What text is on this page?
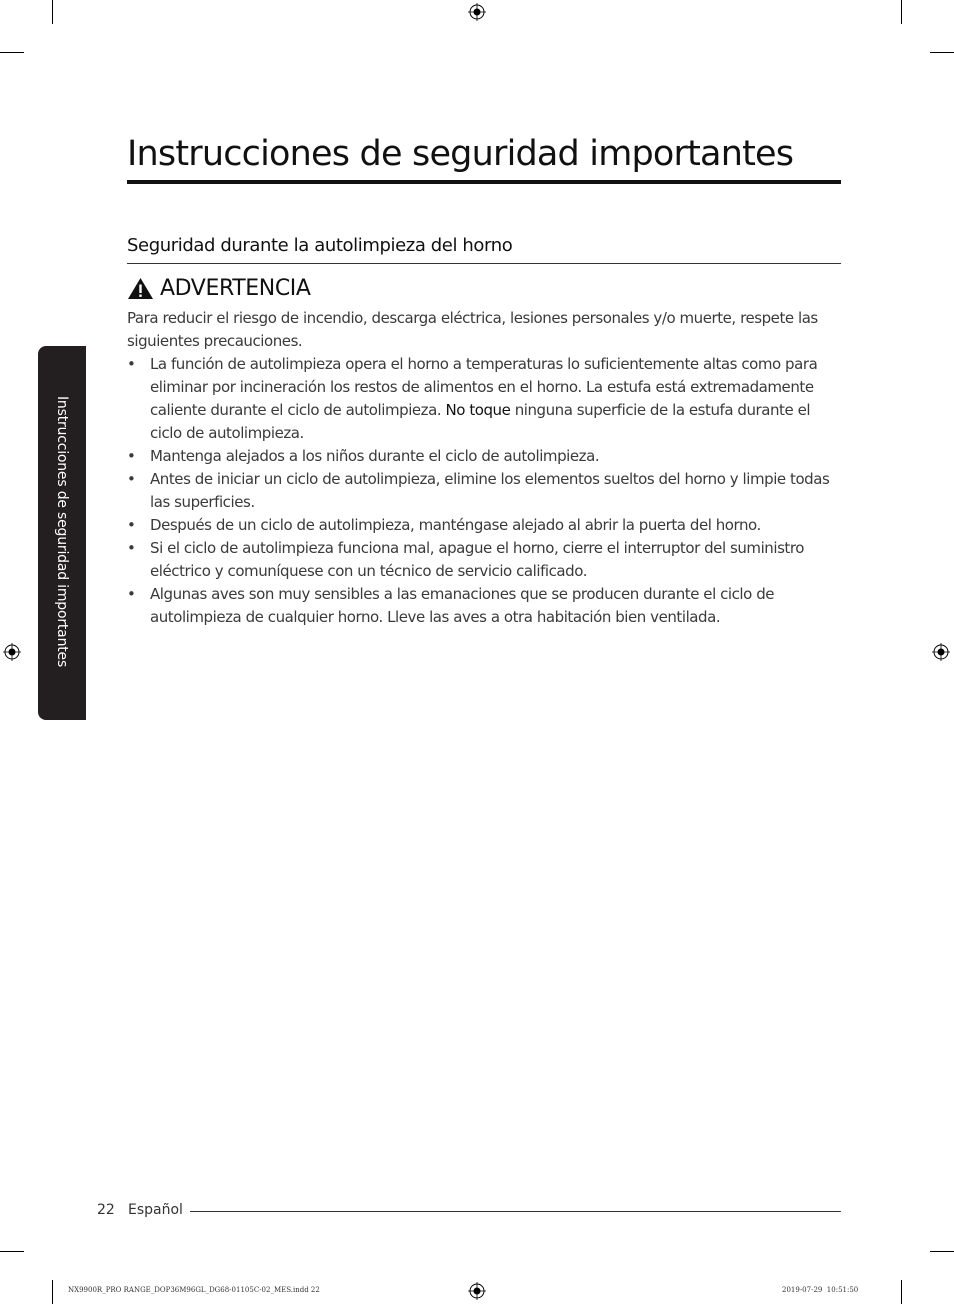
Instrucciones de seguridad importantes
Instrucciones de seguridad importantes
Seguridad durante la autolimpieza del horno
ADVERTENCIA

Para reducir el riesgo de incendio, descarga eléctrica, lesiones personales y/o muerte, respete las siguientes precauciones.

• La función de autolimpieza opera el horno a temperaturas lo suficientemente altas como para eliminar por incineración los restos de alimentos en el horno. La estufa está extremadamente caliente durante el ciclo de autolimpieza. No toque ninguna superficie de la estufa durante el ciclo de autolimpieza.
• Mantenga alejados a los niños durante el ciclo de autolimpieza.
• Antes de iniciar un ciclo de autolimpieza, elimine los elementos sueltos del horno y limpie todas las superficies.
• Después de un ciclo de autolimpieza, manténgase alejado al abrir la puerta del horno.
• Si el ciclo de autolimpieza funciona mal, apague el horno, cierre el interruptor del suministro eléctrico y comuníquese con un técnico de servicio calificado.
• Algunas aves son muy sensibles a las emanaciones que se producen durante el ciclo de autolimpieza de cualquier horno. Lleve las aves a otra habitación bien ventilada.
22 Español
NX9900R_PRO RANGE_DOP36M96GL_DG68-01105C-02_MES.indd 22	2019-07-29 ￼ 10:51:50
